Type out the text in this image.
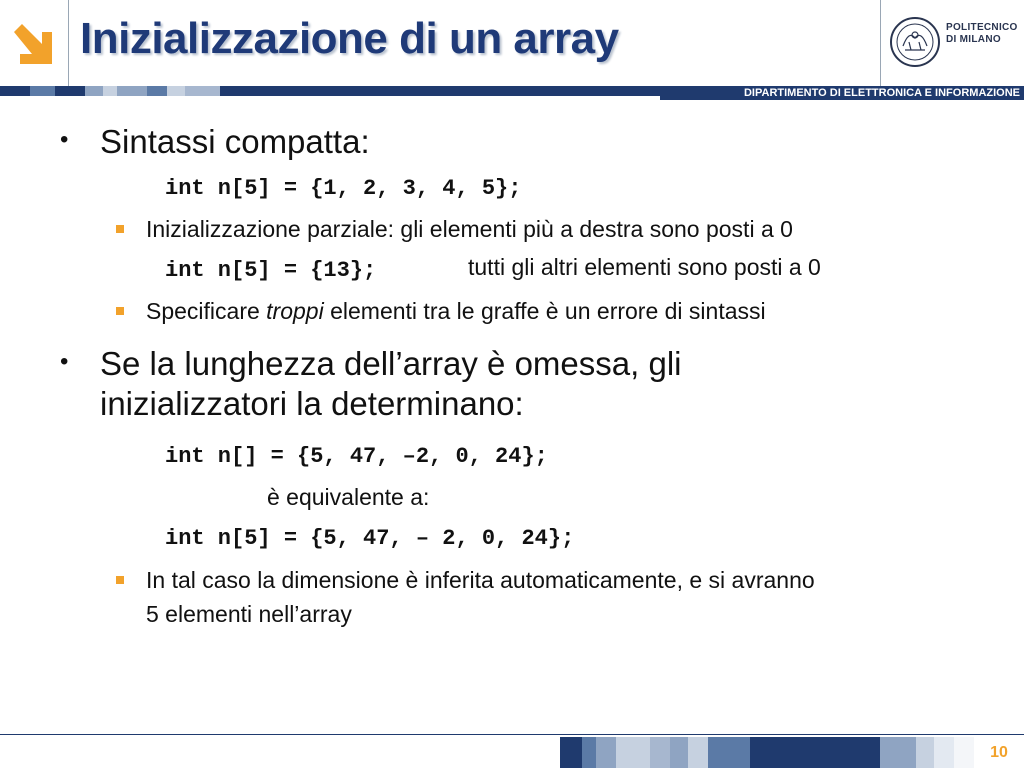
Inizializzazione di un array	POLITECNICO
DI MILANO
DIPARTIMENTO DI ELETTRONICA E INFORMAZIONE
• Sintassi compatta:
int n[5] = {1, 2, 3, 4, 5};
Inizializzazione parziale: gli elementi più a destra sono posti a 0
int n[5] = {13};	tutti gli altri elementi sono posti a 0
Specificare troppi elementi tra le graffe è un errore di sintassi
• Se la lunghezza dell’array è omessa, gli
inizializzatori la determinano:
int n[] = {5, 47, –2, 0, 24};
è equivalente a:
int n[5] = {5, 47, – 2, 0, 24};
In tal caso la dimensione è inferita automaticamente, e si avranno
5 elementi nell’array
10
